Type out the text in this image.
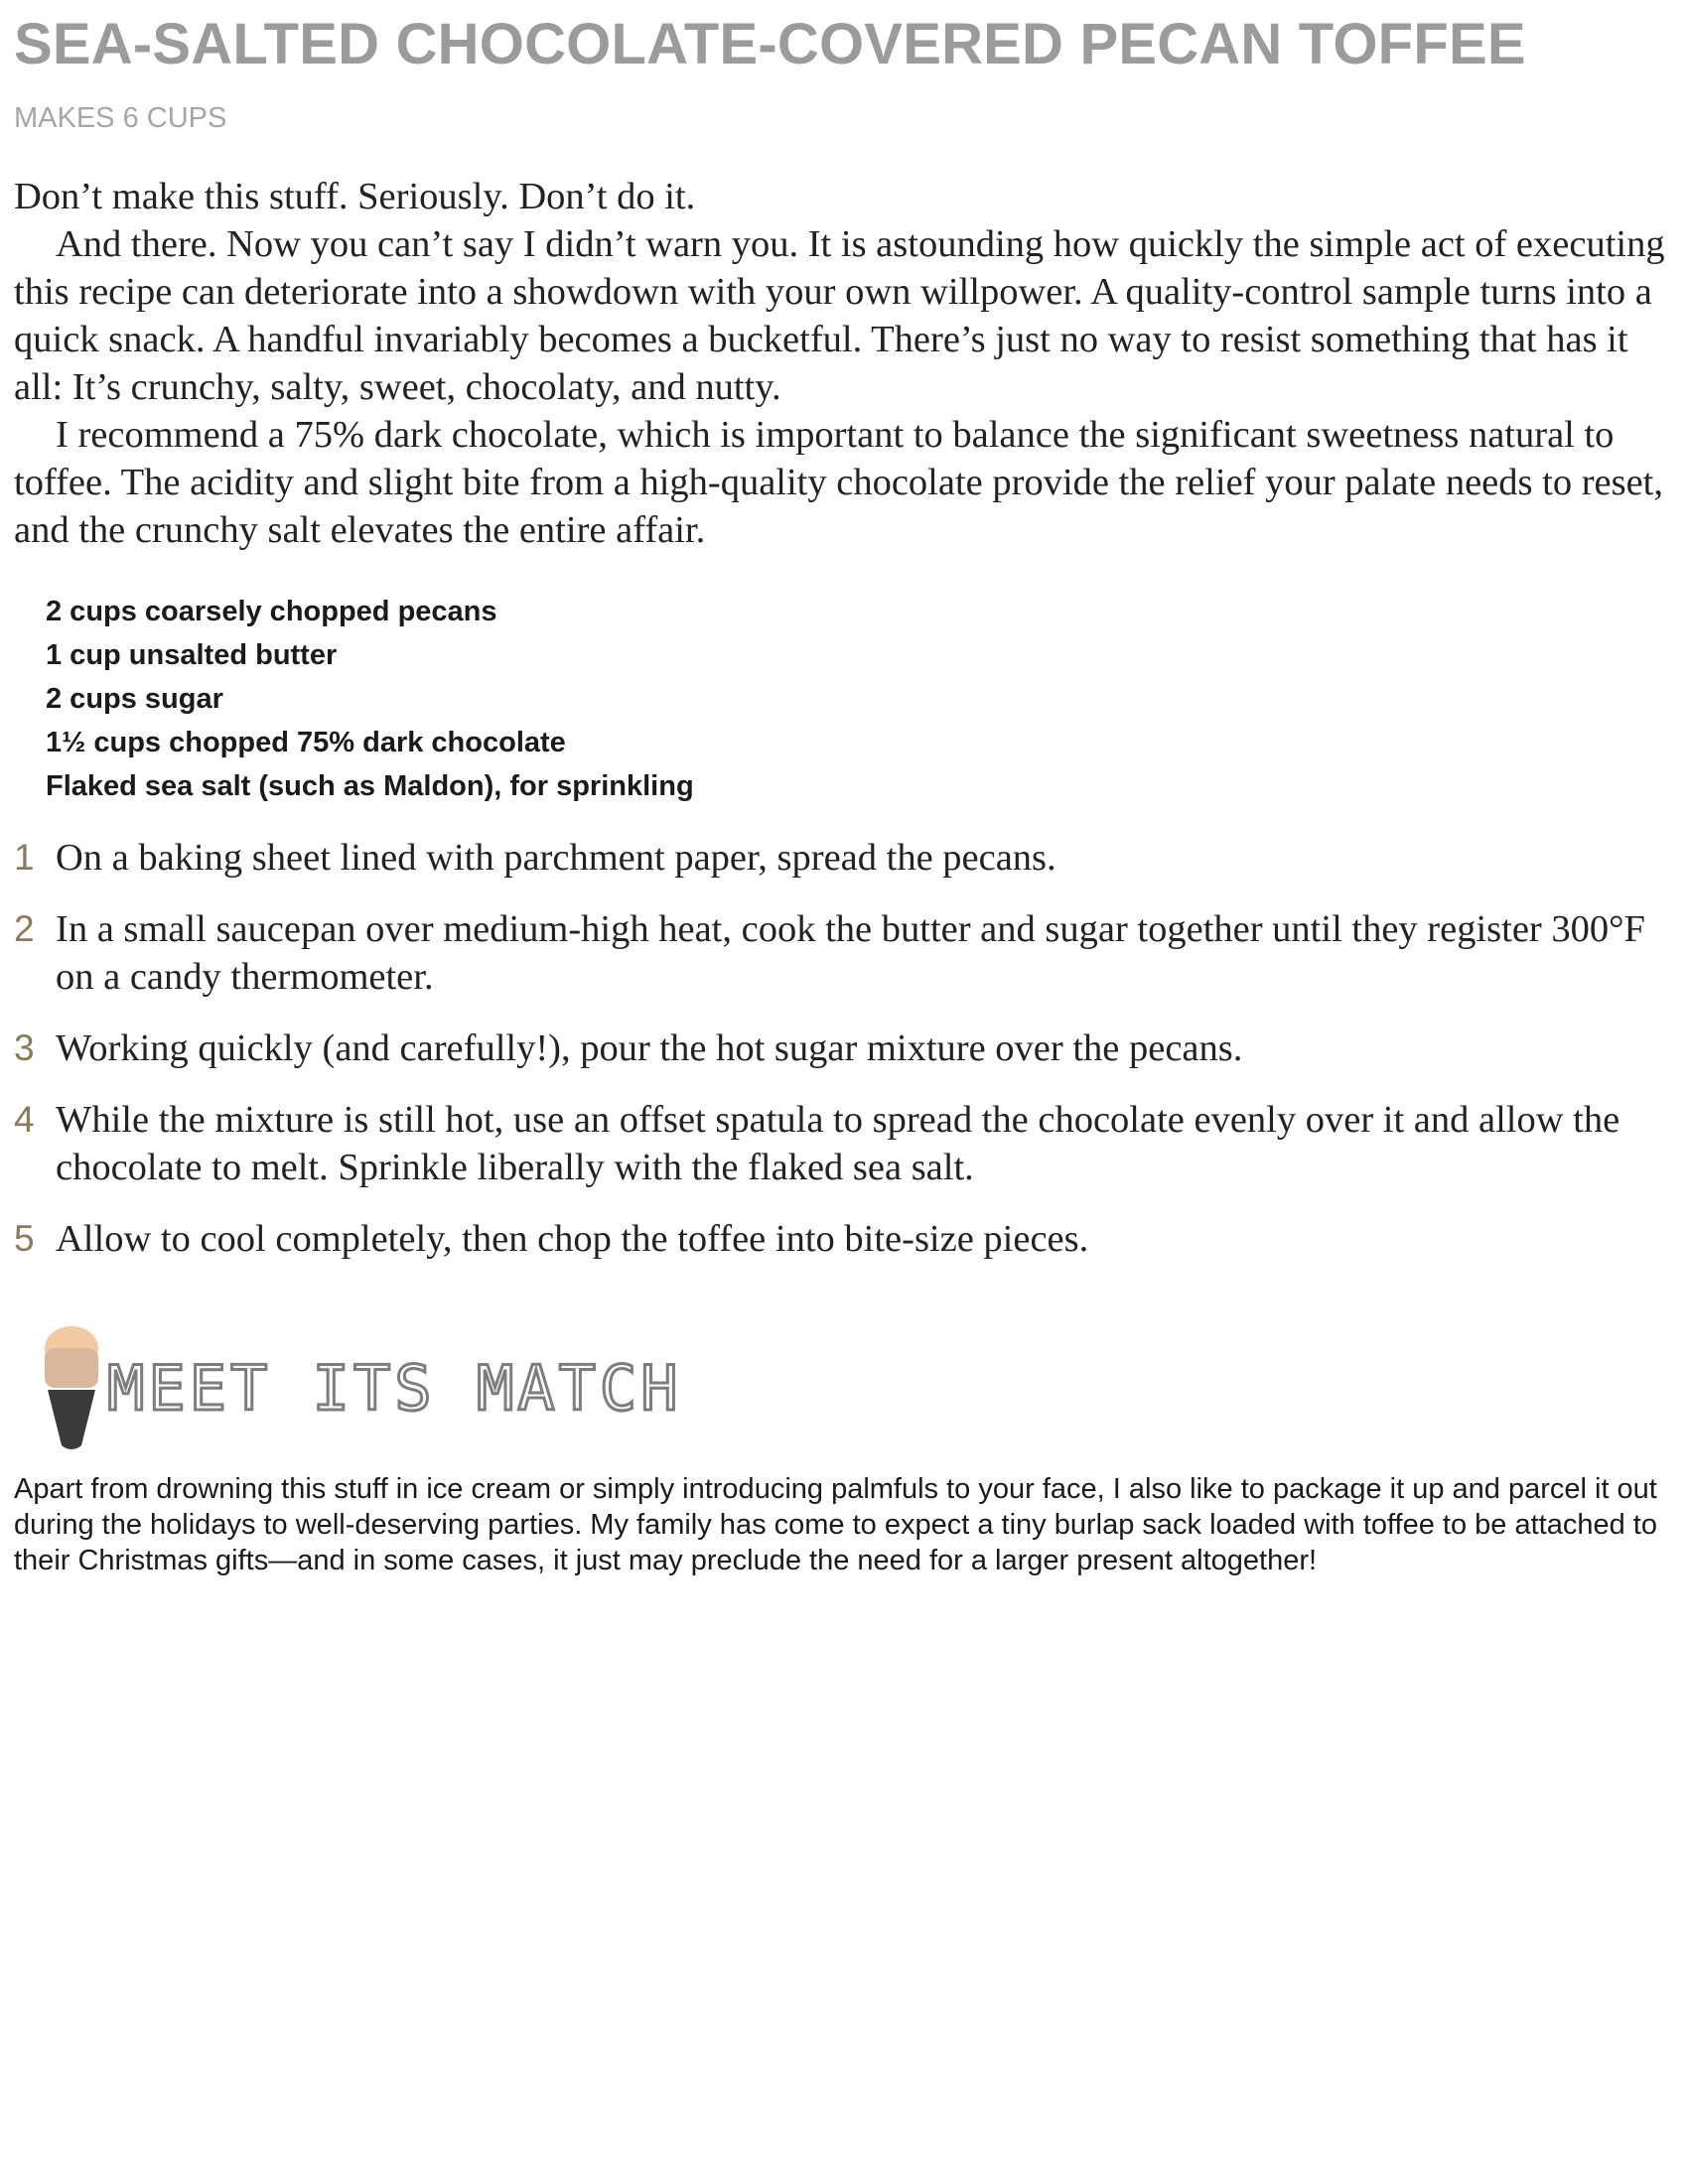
SEA-SALTED CHOCOLATE-COVERED PECAN TOFFEE
MAKES 6 CUPS

Don’t make this stuff. Seriously. Don’t do it.

And there. Now you can’t say I didn’t warn you. It is astounding how quickly the simple act of executing this recipe can deteriorate into a showdown with your own willpower. A quality-control sample turns into a quick snack. A handful invariably becomes a bucketful. There’s just no way to resist something that has it all: It’s crunchy, salty, sweet, chocolaty, and nutty.

I recommend a 75% dark chocolate, which is important to balance the significant sweetness natural to toffee. The acidity and slight bite from a high-quality chocolate provide the relief your palate needs to reset, and the crunchy salt elevates the entire affair.

2 cups coarsely chopped pecans
1 cup unsalted butter
2 cups sugar
1½ cups chopped 75% dark chocolate
Flaked sea salt (such as Maldon), for sprinkling
1 On a baking sheet lined with parchment paper, spread the pecans.
2 In a small saucepan over medium-high heat, cook the butter and sugar together until they register 300°F on a candy thermometer.
3 Working quickly (and carefully!), pour the hot sugar mixture over the pecans.
4 While the mixture is still hot, use an offset spatula to spread the chocolate evenly over it and allow the chocolate to melt. Sprinkle liberally with the flaked sea salt.
5 Allow to cool completely, then chop the toffee into bite-size pieces.
MEET ITS MATCH

Apart from drowning this stuff in ice cream or simply introducing palmfuls to your face, I also like to package it up and parcel it out during the holidays to well-deserving parties. My family has come to expect a tiny burlap sack loaded with toffee to be attached to their Christmas gifts—and in some cases, it just may preclude the need for a larger present altogether!
